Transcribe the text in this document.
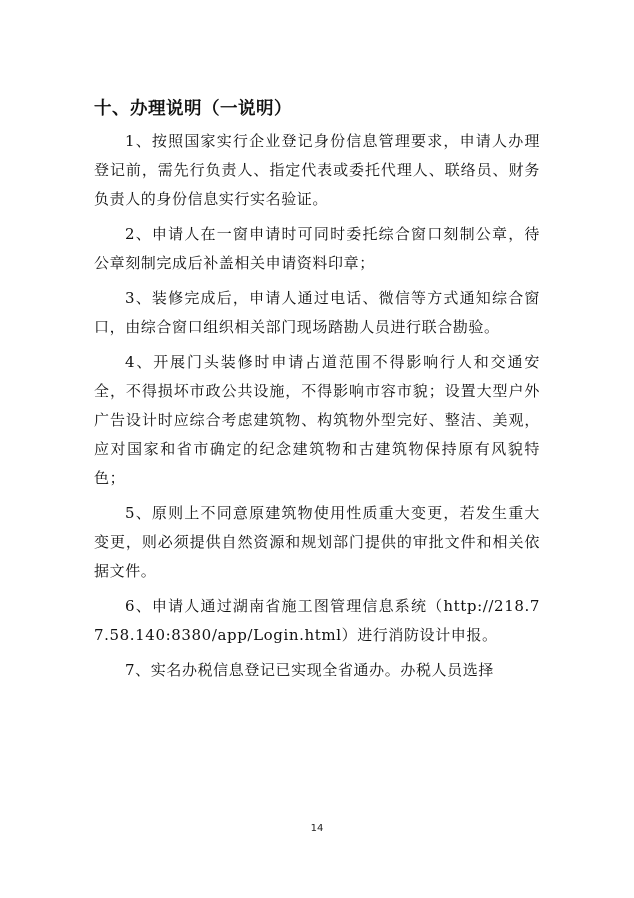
十、办理说明（一说明）

1、按照国家实行企业登记身份信息管理要求，申请人办理登记前，需先行负责人、指定代表或委托代理人、联络员、财务负责人的身份信息实行实名验证。

2、申请人在一窗申请时可同时委托综合窗口刻制公章，待公章刻制完成后补盖相关申请资料印章；

3、装修完成后，申请人通过电话、微信等方式通知综合窗口，由综合窗口组织相关部门现场踏勘人员进行联合勘验。

4、开展门头装修时申请占道范围不得影响行人和交通安全，不得损坏市政公共设施，不得影响市容市貌；设置大型户外广告设计时应综合考虑建筑物、构筑物外型完好、整洁、美观，应对国家和省市确定的纪念建筑物和古建筑物保持原有风貌特色；

5、原则上不同意原建筑物使用性质重大变更，若发生重大变更，则必须提供自然资源和规划部门提供的审批文件和相关依据文件。

6、申请人通过湖南省施工图管理信息系统（http://218.77.58.140:8380/app/Login.html）进行消防设计申报。

7、实名办税信息登记已实现全省通办。办税人员选择

14
